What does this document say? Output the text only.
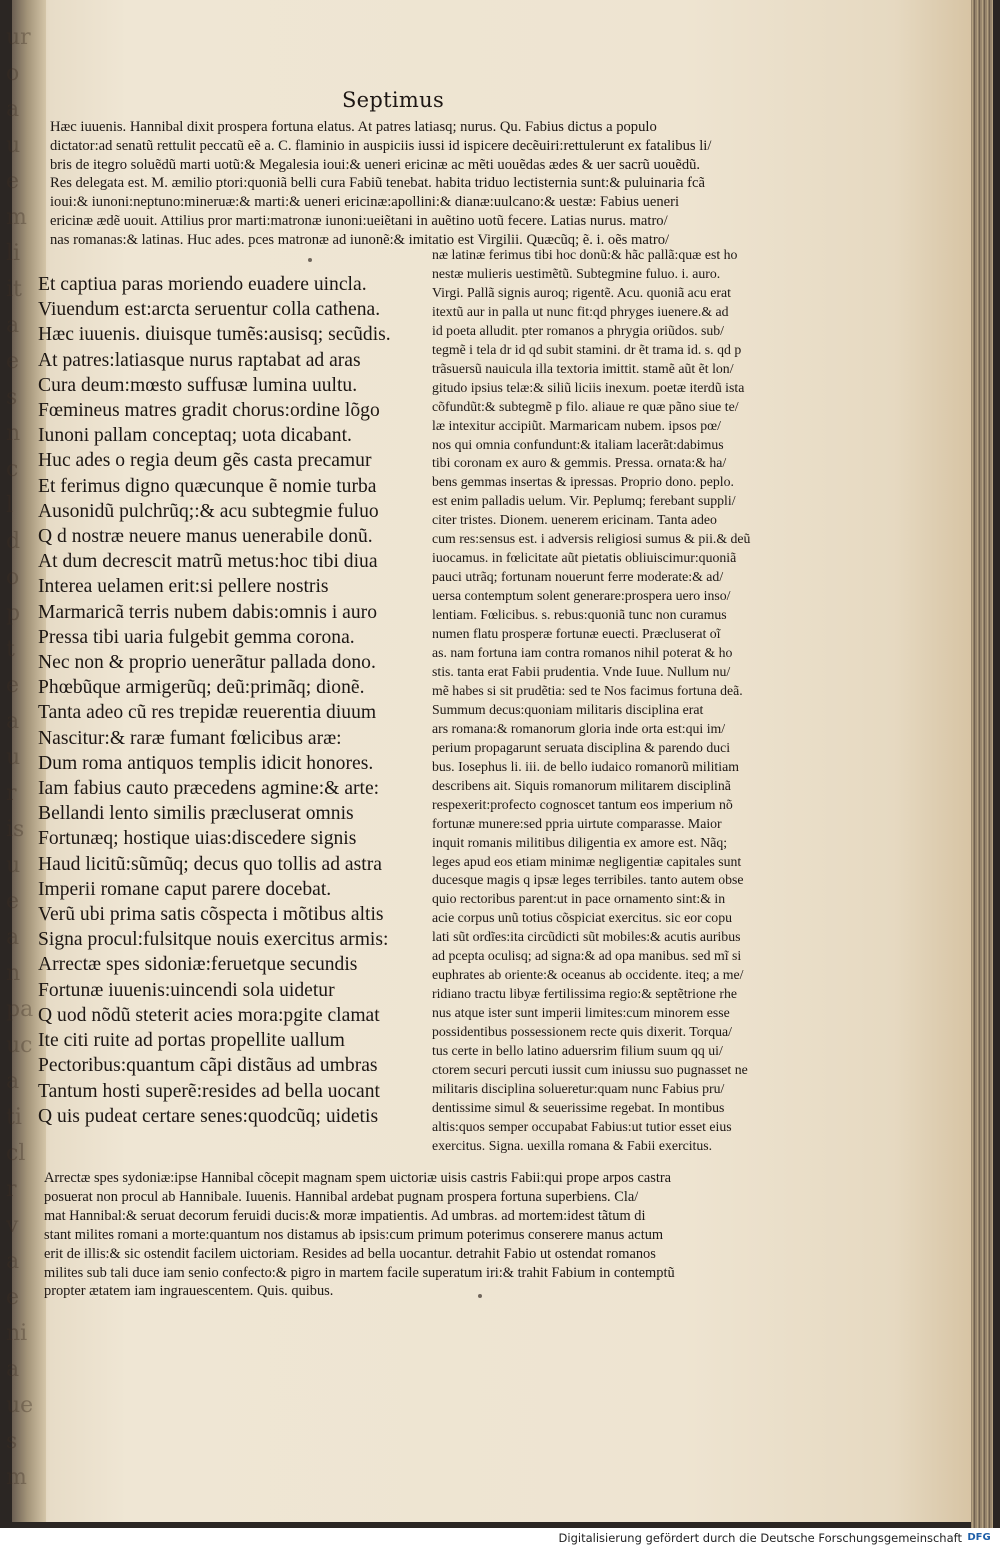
ur
o
a
u
e
m
li
it
a
e
s
n
c
l
d
o
p
t
e
a
u
r
is
u
e
a
n
pa
uc
a
ti
cl
r
v
a
e
ni
a
ue
s
m
Septimus
Hæc iuuenis. Hannibal dixit prospera fortuna elatus. At patres latiasq; nurus. Qu. Fabius dictus a populo
dictator:ad senatũ rettulit peccatũ eẽ a. C. flaminio in auspiciis iussi id ispicere decẽuiri:rettulerunt ex fatalibus li/
bris de itegro soluẽdũ marti uotũ:& Megalesia ioui:& ueneri ericinæ ac mẽti uouẽdas ædes & uer sacrũ uouẽdũ.
Res delegata est. M. æmilio ptori:quoniã belli cura Fabiũ tenebat. habita triduo lectisternia sunt:& puluinaria fcã
ioui:& iunoni:neptuno:mineruæ:& marti:& ueneri ericinæ:apollini:& dianæ:uulcano:& uestæ: Fabius ueneri
ericinæ ædẽ uouit. Attilius pror marti:matronæ iunoni:ueiẽtani in auẽtino uotũ fecere. Latias nurus. matro/
nas romanas:& latinas. Huc ades. pces matronæ ad iunonẽ:& imitatio est Virgilii. Quæcũq; ẽ. i. oẽs matro/
Et captiua paras moriendo euadere uincla.
Viuendum est:arcta seruentur colla cathena.
Hæc iuuenis. diuisque tumẽs:ausisq; secũdis.
At patres:latiasque nurus raptabat ad aras
Cura deum:mœsto suffusæ lumina uultu.
Fœmineus matres gradit chorus:ordine lõgo
Iunoni pallam conceptaq; uota dicabant.
Huc ades o regia deum gẽs casta precamur
Et ferimus digno quæcunque ẽ nomie turba
Ausonidũ pulchrũq;:& acu subtegmie fuluo
Q d nostræ neuere manus uenerabile donũ.
At dum decrescit matrũ metus:hoc tibi diua
Interea uelamen erit:si pellere nostris
Marmaricã terris nubem dabis:omnis i auro
Pressa tibi uaria fulgebit gemma corona.
Nec non & proprio uenerãtur pallada dono.
Phœbũque armigerũq; deũ:primãq; dionẽ.
Tanta adeo cũ res trepidæ reuerentia diuum
Nascitur:& raræ fumant fœlicibus aræ:
Dum roma antiquos templis idicit honores.
Iam fabius cauto præcedens agmine:& arte:
Bellandi lento similis præcluserat omnis
Fortunæq; hostique uias:discedere signis
Haud licitũ:sũmũq; decus quo tollis ad astra
Imperii romane caput parere docebat.
Verũ ubi prima satis cõspecta i mõtibus altis
Signa procul:fulsitque nouis exercitus armis:
Arrectæ spes sidoniæ:feruetque secundis
Fortunæ iuuenis:uincendi sola uidetur
Q uod nõdũ steterit acies mora:pgite clamat
Ite citi ruite ad portas propellite uallum
Pectoribus:quantum cãpi distãus ad umbras
Tantum hosti superẽ:resides ad bella uocant
Q uis pudeat certare senes:quodcũq; uidetis
næ latinæ ferimus tibi hoc donũ:& hãc pallã:quæ est ho
nestæ mulieris uestimẽtũ. Subtegmine fuluo. i. auro.
Virgi. Pallã signis auroq; rigentẽ. Acu. quoniã acu erat
itextũ aur in palla ut nunc fit:qd phryges iuenere.& ad
id poeta alludit. pter romanos a phrygia oriũdos. sub/
tegmẽ i tela dr id qd subit stamini. dr ẽt trama id. s. qd p
trãsuersũ nauicula illa textoria imittit. stamẽ aũt ẽt lon/
gitudo ipsius telæ:& siliũ liciis inexum. poetæ iterdũ ista
cõfundũt:& subtegmẽ p filo. aliaue re quæ pãno siue te/
læ intexitur accipiũt. Marmaricam nubem. ipsos pœ/
nos qui omnia confundunt:& italiam lacerãt:dabimus
tibi coronam ex auro & gemmis. Pressa. ornata:& ha/
bens gemmas insertas & ipressas. Proprio dono. peplo.
est enim palladis uelum. Vir. Peplumq; ferebant suppli/
citer tristes. Dionem. uenerem ericinam. Tanta adeo
cum res:sensus est. i adversis religiosi sumus & pii.& deũ
iuocamus. in fœlicitate aũt pietatis obliuiscimur:quoniã
pauci utrãq; fortunam nouerunt ferre moderate:& ad/
uersa contemptum solent generare:prospera uero inso/
lentiam. Fœlicibus. s. rebus:quoniã tunc non curamus
numen flatu prosperæ fortunæ euecti. Præcluserat oĩ
as. nam fortuna iam contra romanos nihil poterat & ho
stis. tanta erat Fabii prudentia. Vnde Iuue. Nullum nu/
mẽ habes si sit prudẽtia: sed te Nos facimus fortuna deã.
Summum decus:quoniam militaris disciplina erat
ars romana:& romanorum gloria inde orta est:qui im/
perium propagarunt seruata disciplina & parendo duci
bus. Iosephus li. iii. de bello iudaico romanorũ militiam
describens ait. Siquis romanorum militarem disciplinã
respexerit:profecto cognoscet tantum eos imperium nõ
fortunæ munere:sed ppria uirtute comparasse. Maior
inquit romanis militibus diligentia ex amore est. Nãq;
leges apud eos etiam minimæ negligentiæ capitales sunt
ducesque magis q ipsæ leges terribiles. tanto autem obse
quio rectoribus parent:ut in pace ornamento sint:& in
acie corpus unũ totius cõspiciat exercitus. sic eor copu
lati sũt ordĩes:ita circũdicti sũt mobiles:& acutis auribus
ad pcepta oculisq; ad signa:& ad opa manibus. sed mĩ si
euphrates ab oriente:& oceanus ab occidente. iteq; a me/
ridiano tractu libyæ fertilissima regio:& septẽtrione rhe
nus atque ister sunt imperii limites:cum minorem esse
possidentibus possessionem recte quis dixerit. Torqua/
tus certe in bello latino aduersrim filium suum qq ui/
ctorem securi percuti iussit cum iniussu suo pugnasset ne
militaris disciplina solueretur:quam nunc Fabius pru/
dentissime simul & seuerissime regebat. In montibus
altis:quos semper occupabat Fabius:ut tutior esset eius
exercitus. Signa. uexilla romana & Fabii exercitus.
Arrectæ spes sydoniæ:ipse Hannibal cõcepit magnam spem uictoriæ uisis castris Fabii:qui prope arpos castra
posuerat non procul ab Hannibale. Iuuenis. Hannibal ardebat pugnam prospera fortuna superbiens. Cla/
mat Hannibal:& seruat decorum feruidi ducis:& moræ impatientis. Ad umbras. ad mortem:idest tãtum di
stant milites romani a morte:quantum nos distamus ab ipsis:cum primum poterimus conserere manus actum
erit de illis:& sic ostendit facilem uictoriam. Resides ad bella uocantur. detrahit Fabio ut ostendat romanos
milites sub tali duce iam senio confecto:& pigro in martem facile superatum iri:& trahit Fabium in contemptũ
propter ætatem iam ingrauescentem. Quis. quibus.
Digitalisierung gefördert durch die Deutsche Forschungsgemeinschaft DFG
